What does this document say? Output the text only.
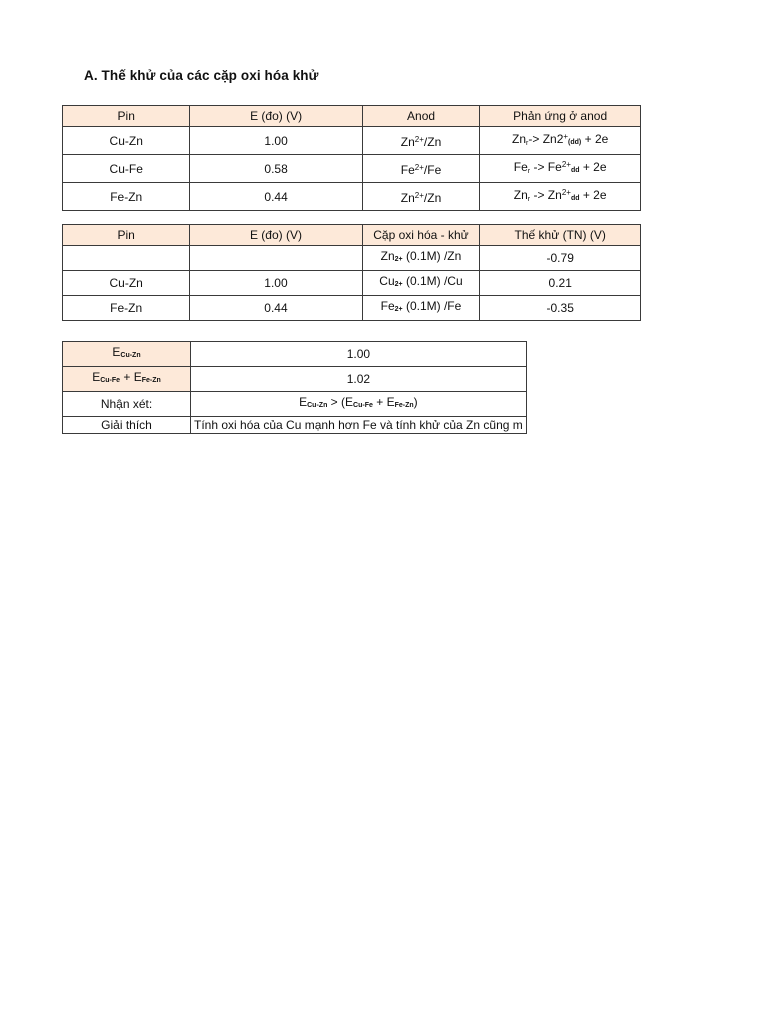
A. Thế khử của các cặp oxi hóa khử
Pin	E (đo) (V)	Anod	Phản ứng ở anod
Cu-Zn	1.00	$Zn^{2+}/Zn$	Znr-> Zn2+(dd) + 2e
Cu-Fe	0.58	$Fe^{2+}/Fe$	Fer -> $Fe^{2+}dd + 2e$
Fe-Zn	0.44	$Zn^{2+}/Zn$	Znr -> $Zn^{2+}dd + 2e$
Pin	E (đo) (V)	Cặp oxi hóa - khử	Thế khử (TN) (V)
		Zn2+ (0.1M) /Zn	-0.79
Cu-Zn	1.00	Cu2+ (0.1M) /Cu	0.21
Fe-Zn	0.44	Fe2+ (0.1M) /Fe	-0.35
ECu-Zn	1.00
ECu-Fe + EFe-Zn	1.02
Nhận xét:	ECu-Zn > (ECu-Fe + EFe-Zn)
Giải thích	Tính oxi hóa của Cu mạnh hơn Fe và tính khử của Zn cũng m
